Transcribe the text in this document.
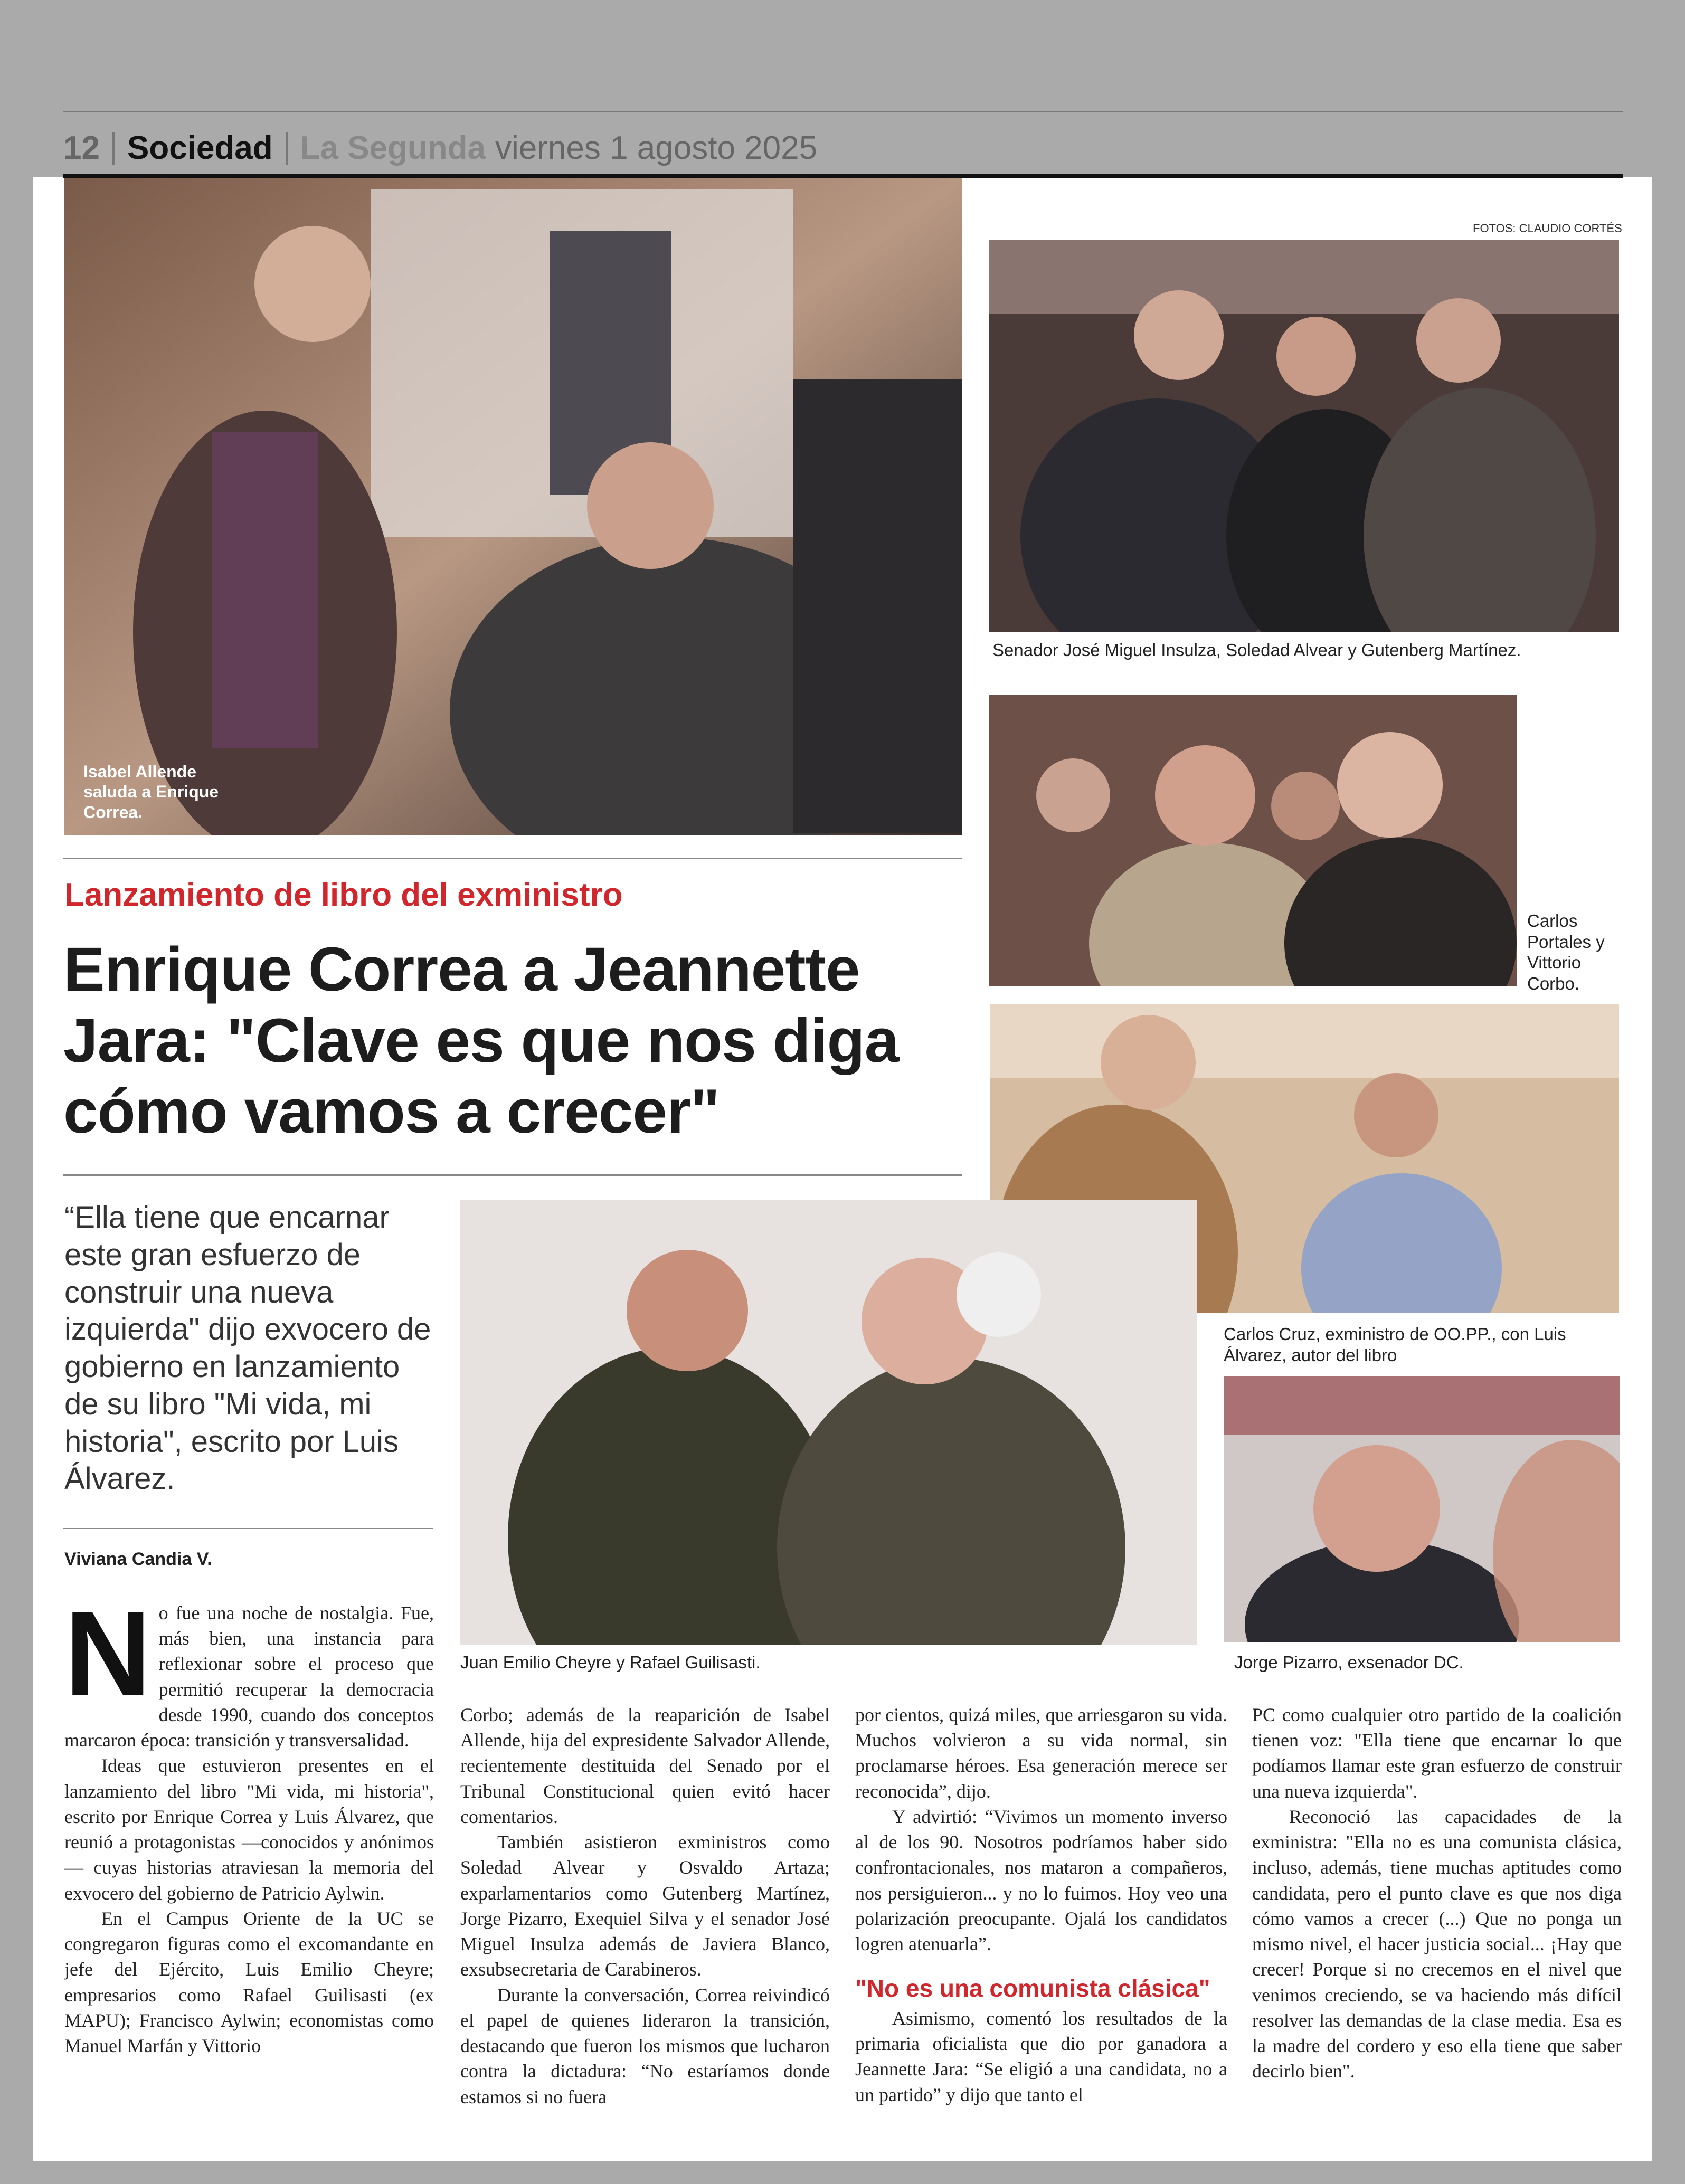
12 Sociedad La Segunda viernes 1 agosto 2025
Isabel Allende saluda a Enrique Correa.
FOTOS: CLAUDIO CORTÉS
Senador José Miguel Insulza, Soledad Alvear y Gutenberg Martínez.
Carlos Portales y Vittorio Corbo.
Carlos Cruz, exministro de OO.PP., con Luis Álvarez, autor del libro
Jorge Pizarro, exsenador DC.
Juan Emilio Cheyre y Rafael Guilisasti.
Lanzamiento de libro del exministro
Enrique Correa a Jeannette Jara: "Clave es que nos diga cómo vamos a crecer"
“Ella tiene que encarnar este gran esfuerzo de construir una nueva izquierda" dijo exvocero de gobierno en lanzamiento de su libro "Mi vida, mi historia", escrito por Luis Álvarez.
Viviana Candia V.
N o fue una noche de nostalgia. Fue, más bien, una instancia para reflexionar sobre el proceso que permitió recuperar la democracia desde 1990, cuando dos conceptos marcaron época: transición y transversalidad.

Ideas que estuvieron presentes en el lanzamiento del libro "Mi vida, mi historia", escrito por Enrique Correa y Luis Álvarez, que reunió a protagonistas —conocidos y anónimos— cuyas historias atraviesan la memoria del exvocero del gobierno de Patricio Aylwin.

En el Campus Oriente de la UC se congregaron figuras como el excomandante en jefe del Ejército, Luis Emilio Cheyre; empresarios como Rafael Guilisasti (ex MAPU); Francisco Aylwin; economistas como Manuel Marfán y Vittorio

Corbo; además de la reaparición de Isabel Allende, hija del expresidente Salvador Allende, recientemente destituida del Senado por el Tribunal Constitucional quien evitó hacer comentarios.

También asistieron exministros como Soledad Alvear y Osvaldo Artaza; exparlamentarios como Gutenberg Martínez, Jorge Pizarro, Exequiel Silva y el senador José Miguel Insulza además de Javiera Blanco, exsubsecretaria de Carabineros.

Durante la conversación, Correa reivindicó el papel de quienes lideraron la transición, destacando que fueron los mismos que lucharon contra la dictadura: “No estaríamos donde estamos si no fuera

por cientos, quizá miles, que arriesgaron su vida. Muchos volvieron a su vida normal, sin proclamarse héroes. Esa generación merece ser reconocida”, dijo.

Y advirtió: “Vivimos un momento inverso al de los 90. Nosotros podríamos haber sido confrontacionales, nos mataron a compañeros, nos persiguieron... y no lo fuimos. Hoy veo una polarización preocupante. Ojalá los candidatos logren atenuarla”.

"No es una comunista clásica"

Asimismo, comentó los resultados de la primaria oficialista que dio por ganadora a Jeannette Jara: “Se eligió a una candidata, no a un partido” y dijo que tanto el

PC como cualquier otro partido de la coalición tienen voz: "Ella tiene que encarnar lo que podíamos llamar este gran esfuerzo de construir una nueva izquierda".

Reconoció las capacidades de la exministra: "Ella no es una comunista clásica, incluso, además, tiene muchas aptitudes como candidata, pero el punto clave es que nos diga cómo vamos a crecer (...) Que no ponga un mismo nivel, el hacer justicia social... ¡Hay que crecer! Porque si no crecemos en el nivel que venimos creciendo, se va haciendo más difícil resolver las demandas de la clase media. Esa es la madre del cordero y eso ella tiene que saber decirlo bien".
